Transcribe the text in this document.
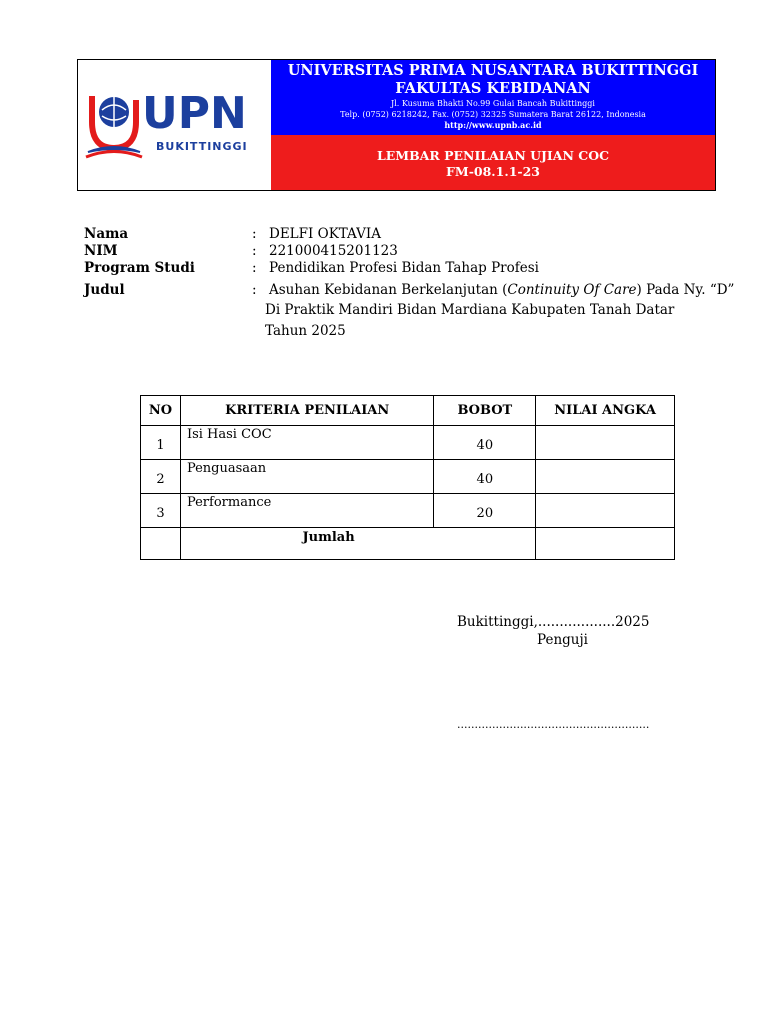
UPN
BUKITTINGGI
UNIVERSITAS PRIMA NUSANTARA BUKITTINGGI
FAKULTAS KEBIDANAN
Jl. Kusuma Bhakti No.99 Gulai Bancah Bukittinggi
Telp. (0752) 6218242, Fax. (0752) 32325 Sumatera Barat 26122, Indonesia
http://www.upnb.ac.id
LEMBAR PENILAIAN UJIAN COC
FM-08.1.1-23
Nama	: DELFI OKTAVIA
NIM	: 221000415201123
Program Studi	: Pendidikan Profesi Bidan Tahap Profesi
Judul	: Asuhan Kebidanan Berkelanjutan (Continuity Of Care) Pada Ny. “D”
Di Praktik Mandiri Bidan Mardiana Kabupaten Tanah Datar
Tahun 2025
NO	KRITERIA PENILAIAN	BOBOT	NILAI ANGKA
1	Isi Hasi COC	40	
2	Penguasaan	40	
3	Performance	20	
	Jumlah		
Bukittinggi,..................2025
Penguji
.......................................................
